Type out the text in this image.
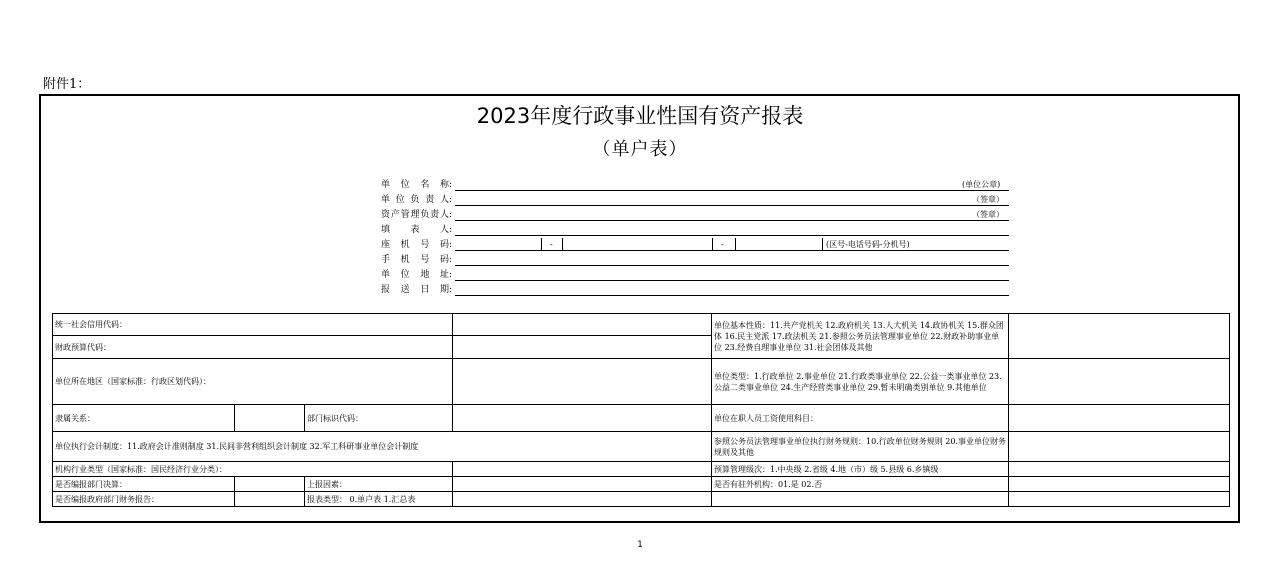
附件1：
2023年度行政事业性国有资产报表
（单户表）
单 位 名 称 :	(单位公章)
单位负责人 :	（签章）
资产管理负责人 :	（签章）
填 表 人 :
座 机 号 码 :	-	-	(区号-电话号码-分机号)
手 机 号 码 :
单 位 地 址 :
报 送 日 期 :
统一社会信用代码：				单位基本性质：11.共产党机关 12.政府机关 13.人大机关 14.政协机关 15.群众团体 16.民主党派 17.政法机关 21.参照公务员法管理事业单位 22.财政补助事业单位 23.经费自理事业单位 31.社会团体及其他	
财政预算代码：					
单位所在地区（国家标准：行政区划代码）：				单位类型：1.行政单位 2.事业单位 21.行政类事业单位 22.公益一类事业单位 23.公益二类事业单位 24.生产经营类事业单位 29.暂未明确类别单位 9.其他单位	
隶属关系：		部门标识代码：		单位在职人员工资使用科目：	
单位执行会计制度：11.政府会计准则制度 31.民间非营利组织会计制度 32.军工科研事业单位会计制度				参照公务员法管理事业单位执行财务规则：10.行政单位财务规则 20.事业单位财务规则及其他	
机构行业类型（国家标准：国民经济行业分类）：				预算管理级次：1.中央级 2.省级 4.地（市）级 5.县级 6.乡镇级	
是否编报部门决算：		上报因素：		是否有驻外机构：01.是 02.否	
是否编报政府部门财务报告：		报表类型： 0.单户表 1.汇总表			
1
